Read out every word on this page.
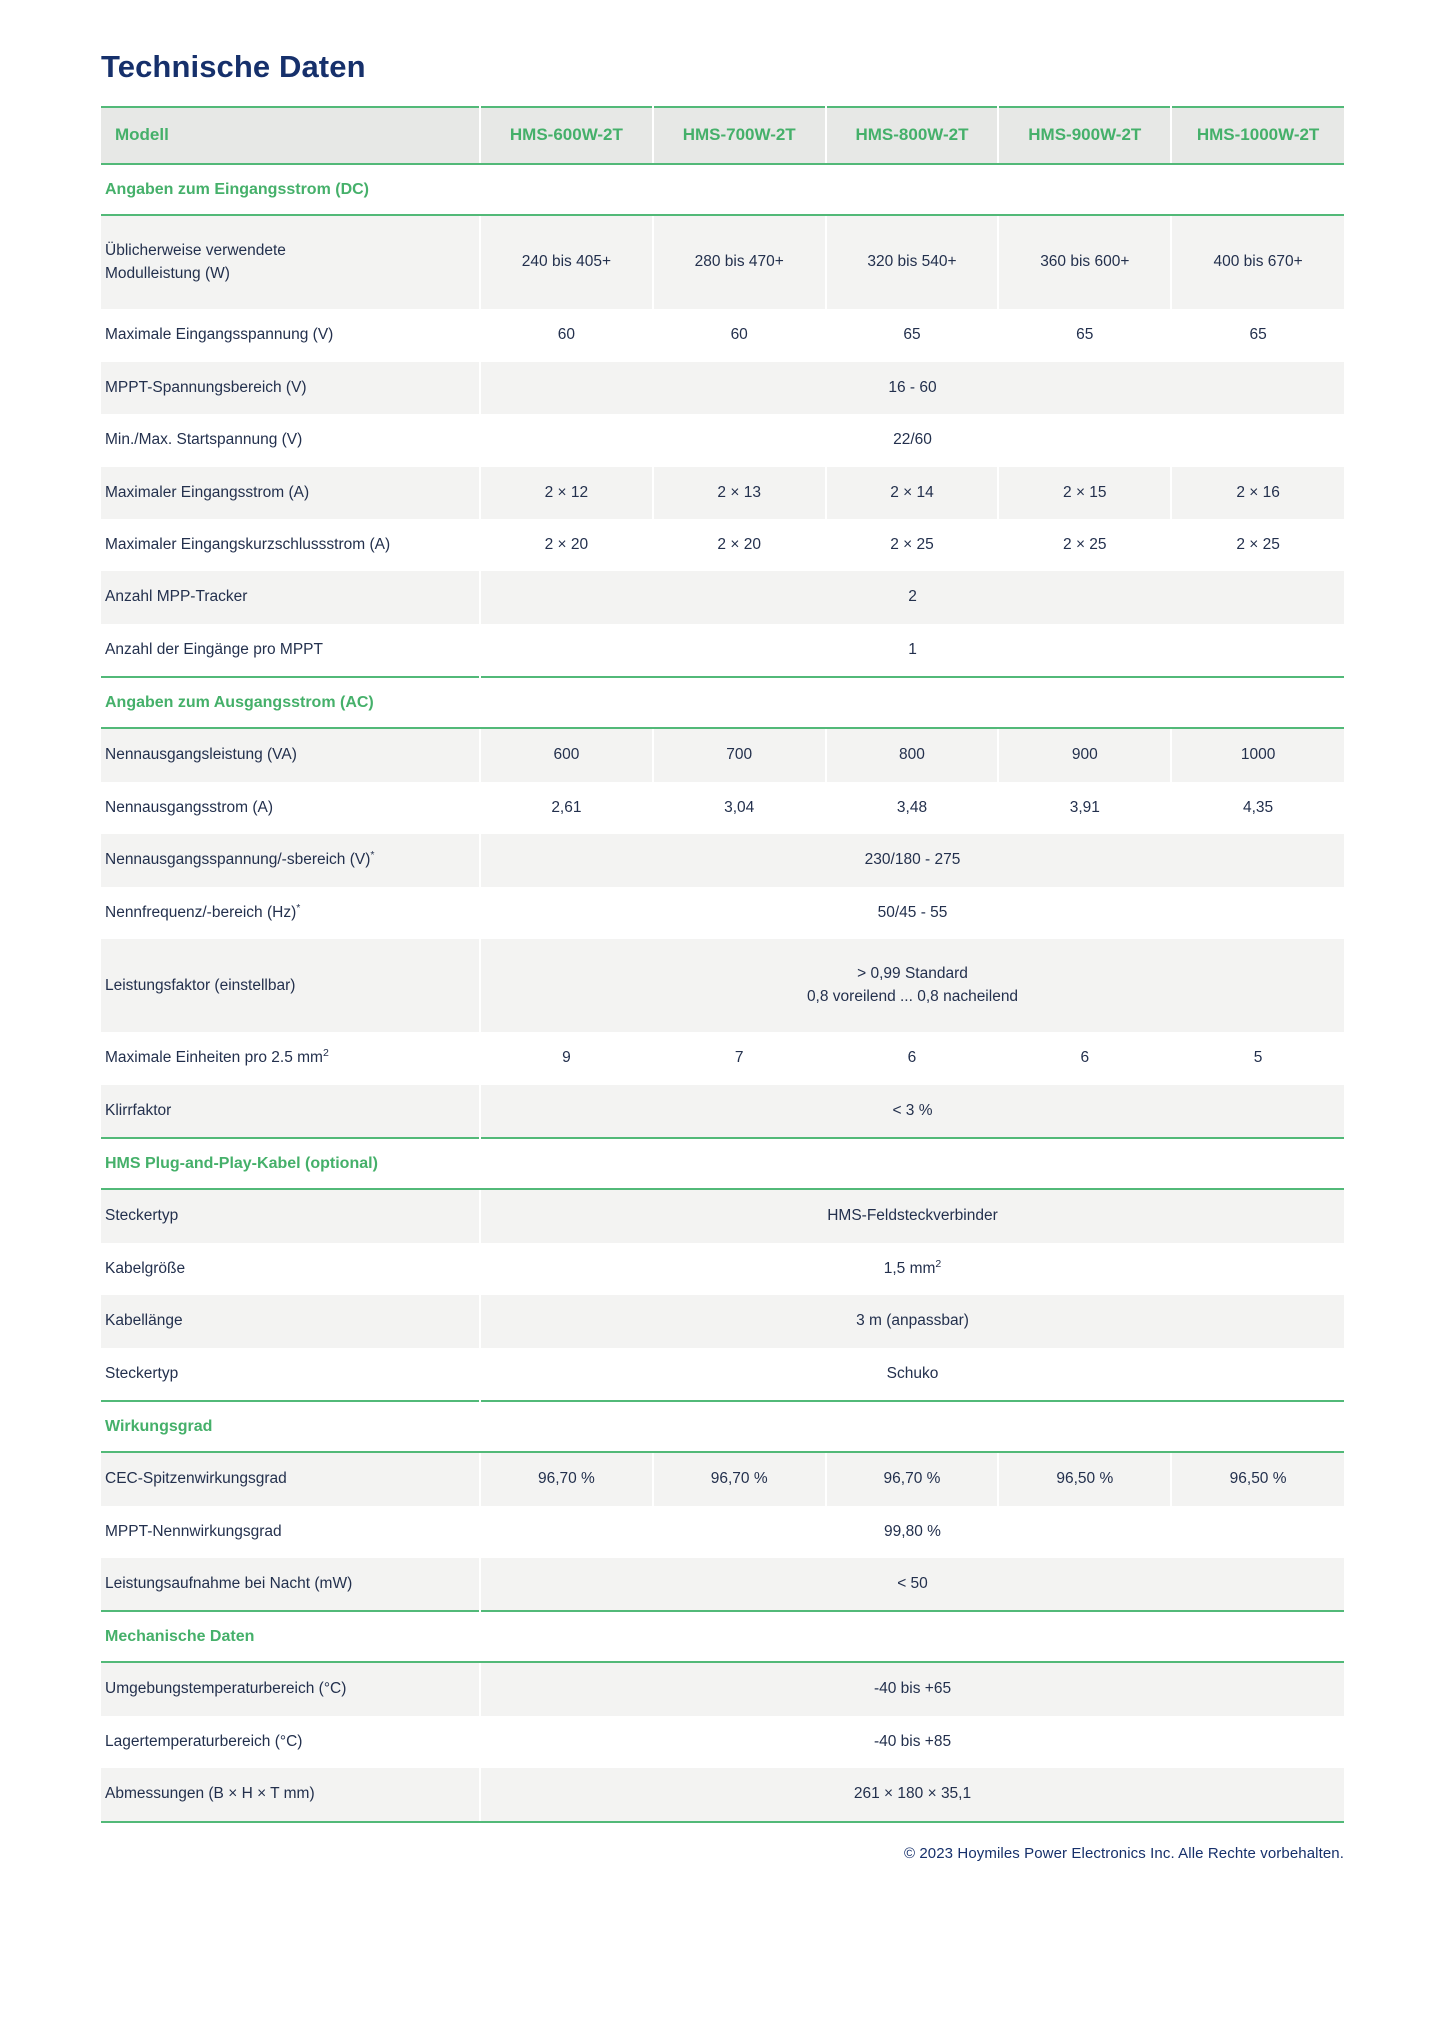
Technische Daten
Modell	HMS-600W-2T	HMS-700W-2T	HMS-800W-2T	HMS-900W-2T	HMS-1000W-2T
Angaben zum Eingangsstrom (DC)					
Üblicherweise verwendete
Modulleistung (W)	240 bis 405+	280 bis 470+	320 bis 540+	360 bis 600+	400 bis 670+
Maximale Eingangsspannung (V)	60	60	65	65	65
MPPT-Spannungsbereich (V)	16 - 60				
Min./Max. Startspannung (V)	22/60				
Maximaler Eingangsstrom (A)	2 × 12	2 × 13	2 × 14	2 × 15	2 × 16
Maximaler Eingangskurzschlussstrom (A)	2 × 20	2 × 20	2 × 25	2 × 25	2 × 25
Anzahl MPP-Tracker	2				
Anzahl der Eingänge pro MPPT	1				
Angaben zum Ausgangsstrom (AC)					
Nennausgangsleistung (VA)	600	700	800	900	1000
Nennausgangsstrom (A)	2,61	3,04	3,48	3,91	4,35
Nennausgangsspannung/-sbereich (V)*	230/180 - 275				
Nennfrequenz/-bereich (Hz)*	50/45 - 55				
Leistungsfaktor (einstellbar)	> 0,99 Standard
0,8 voreilend ... 0,8 nacheilend				
Maximale Einheiten pro 2.5 $mm^2$	9	7	6	6	5
Klirrfaktor	< 3 %				
HMS Plug-and-Play-Kabel (optional)					
Steckertyp	HMS-Feldsteckverbinder				
Kabelgröße	1,5 $mm^2$
Kabellänge	3 m (anpassbar)				
Steckertyp	Schuko				
Wirkungsgrad					
CEC-Spitzenwirkungsgrad	96,70 %	96,70 %	96,70 %	96,50 %	96,50 %
MPPT-Nennwirkungsgrad	99,80 %				
Leistungsaufnahme bei Nacht (mW)	< 50				
Mechanische Daten					
Umgebungstemperaturbereich (°C)	-40 bis +65				
Lagertemperaturbereich (°C)	-40 bis +85				
Abmessungen (B × H × T mm)	261 × 180 × 35,1				
© 2023 Hoymiles Power Electronics Inc. Alle Rechte vorbehalten.
